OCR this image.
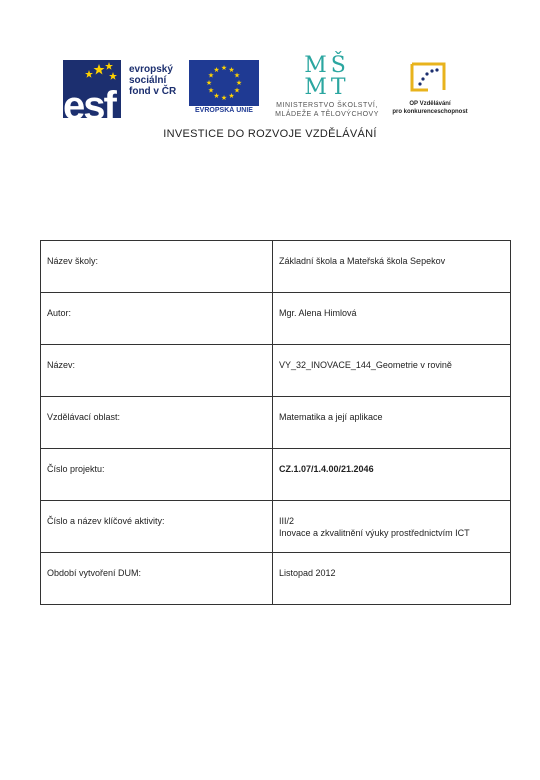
esf
evropský
sociální
fond v ČR
★ ★
★
★
★
★
★
★
★
★
★
★
EVROPSKÁ UNIE
MŠ MT
MINISTERSTVO ŠKOLSTVÍ,
MLÁDEŽE A TĚLOVÝCHOVY
OP Vzdělávání
pro konkurenceschopnost
INVESTICE DO ROZVOJE VZDĚLÁVÁNÍ
Název školy:	Základní škola a Mateřská škola Sepekov
Autor:	Mgr. Alena Himlová
Název:	VY_32_INOVACE_144_Geometrie v rovině
Vzdělávací oblast:	Matematika a její aplikace
Číslo projektu:	CZ.1.07/1.4.00/21.2046
Číslo a název klíčové aktivity:	III/2
Inovace a zkvalitnění výuky prostřednictvím ICT

Období vytvoření DUM:	Listopad 2012
